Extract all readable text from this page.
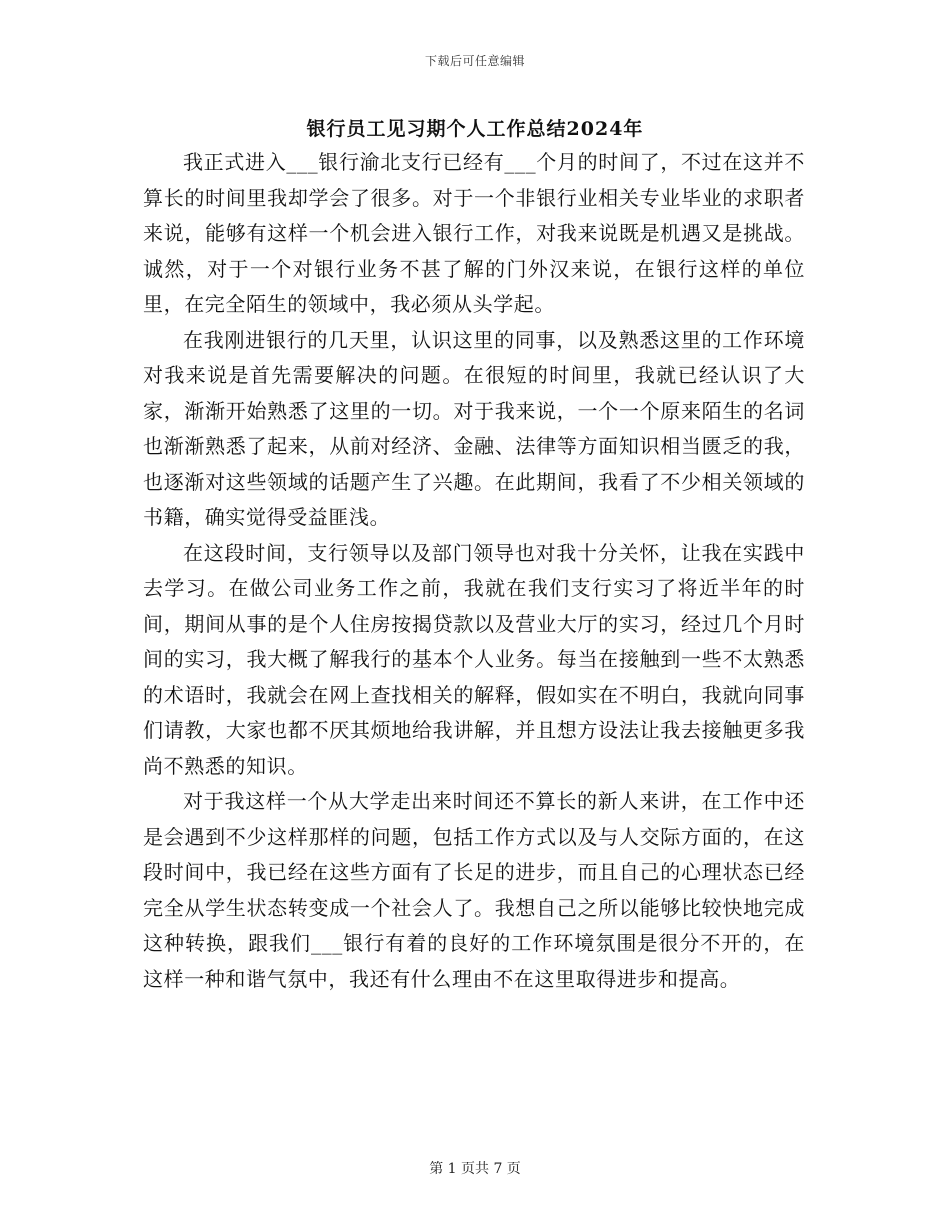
下载后可任意编辑
银行员工见习期个人工作总结2024年

我正式进入___银行渝北支行已经有___个月的时间了，不过在这并不算长的时间里我却学会了很多。对于一个非银行业相关专业毕业的求职者来说，能够有这样一个机会进入银行工作，对我来说既是机遇又是挑战。诚然，对于一个对银行业务不甚了解的门外汉来说，在银行这样的单位里，在完全陌生的领域中，我必须从头学起。

在我刚进银行的几天里，认识这里的同事，以及熟悉这里的工作环境对我来说是首先需要解决的问题。在很短的时间里，我就已经认识了大家，渐渐开始熟悉了这里的一切。对于我来说，一个一个原来陌生的名词也渐渐熟悉了起来，从前对经济、金融、法律等方面知识相当匮乏的我，也逐渐对这些领域的话题产生了兴趣。在此期间，我看了不少相关领域的书籍，确实觉得受益匪浅。

在这段时间，支行领导以及部门领导也对我十分关怀，让我在实践中去学习。在做公司业务工作之前，我就在我们支行实习了将近半年的时间，期间从事的是个人住房按揭贷款以及营业大厅的实习，经过几个月时间的实习，我大概了解我行的基本个人业务。每当在接触到一些不太熟悉的术语时，我就会在网上查找相关的解释，假如实在不明白，我就向同事们请教，大家也都不厌其烦地给我讲解，并且想方设法让我去接触更多我尚不熟悉的知识。

对于我这样一个从大学走出来时间还不算长的新人来讲，在工作中还是会遇到不少这样那样的问题，包括工作方式以及与人交际方面的，在这段时间中，我已经在这些方面有了长足的进步，而且自己的心理状态已经完全从学生状态转变成一个社会人了。我想自己之所以能够比较快地完成这种转换，跟我们___银行有着的良好的工作环境氛围是很分不开的，在这样一种和谐气氛中，我还有什么理由不在这里取得进步和提高。

第 1 页共 7 页
